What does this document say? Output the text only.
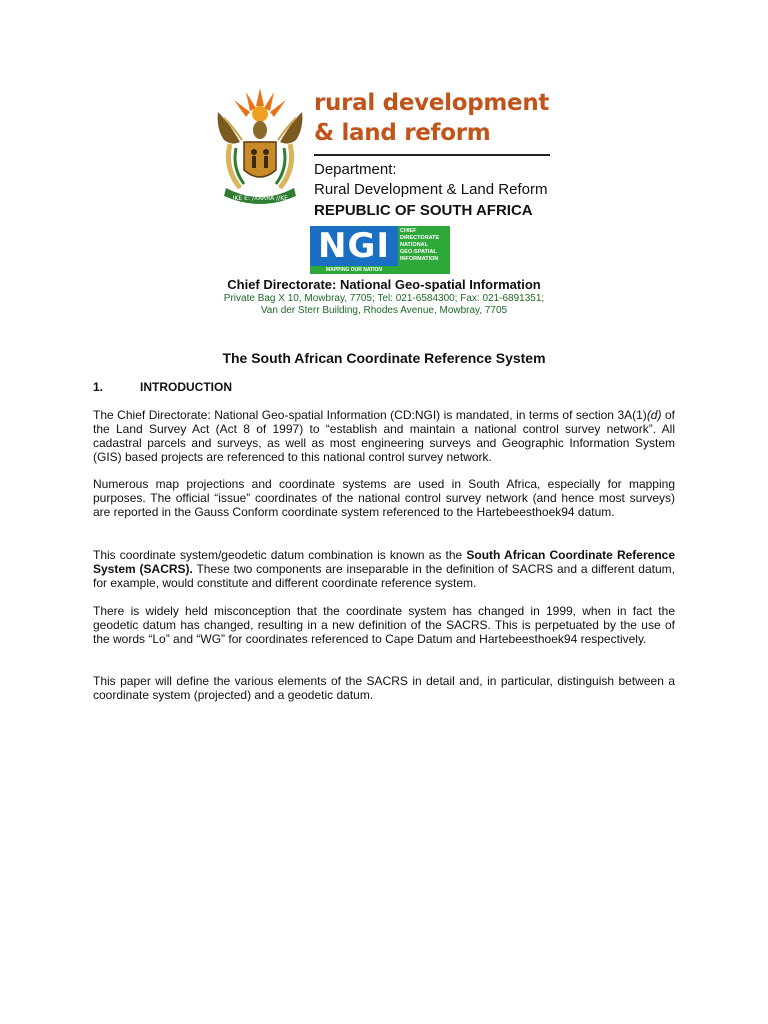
!KE E: /XARRA //KE
rural development
& land reform
Department:
Rural Development & Land Reform
REPUBLIC OF SOUTH AFRICA
NGI	CHIEF DIRECTORATE
NATIONAL
GEO-SPATIAL
INFORMATION
MAPPING OUR NATION
Chief Directorate: National Geo-spatial Information
Private Bag X 10, Mowbray, 7705; Tel: 021-6584300; Fax: 021-6891351;
Van der Sterr Building, Rhodes Avenue, Mowbray, 7705
The South African Coordinate Reference System
1.	INTRODUCTION
The Chief Directorate: National Geo-spatial Information (CD:NGI) is mandated, in terms of section 3A(1)(d) of the Land Survey Act (Act 8 of 1997) to “establish and maintain a national control survey network”. All cadastral parcels and surveys, as well as most engineering surveys and Geographic Information System (GIS) based projects are referenced to this national control survey network.
Numerous map projections and coordinate systems are used in South Africa, especially for mapping purposes. The official “issue” coordinates of the national control survey network (and hence most surveys) are reported in the Gauss Conform coordinate system referenced to the Hartebeesthoek94 datum.
This coordinate system/geodetic datum combination is known as the South African Coordinate Reference System (SACRS). These two components are inseparable in the definition of SACRS and a different datum, for example, would constitute and different coordinate reference system.
There is widely held misconception that the coordinate system has changed in 1999, when in fact the geodetic datum has changed, resulting in a new definition of the SACRS. This is perpetuated by the use of the words “Lo” and “WG” for coordinates referenced to Cape Datum and Hartebeesthoek94 respectively.
This paper will define the various elements of the SACRS in detail and, in particular, distinguish between a coordinate system (projected) and a geodetic datum.
